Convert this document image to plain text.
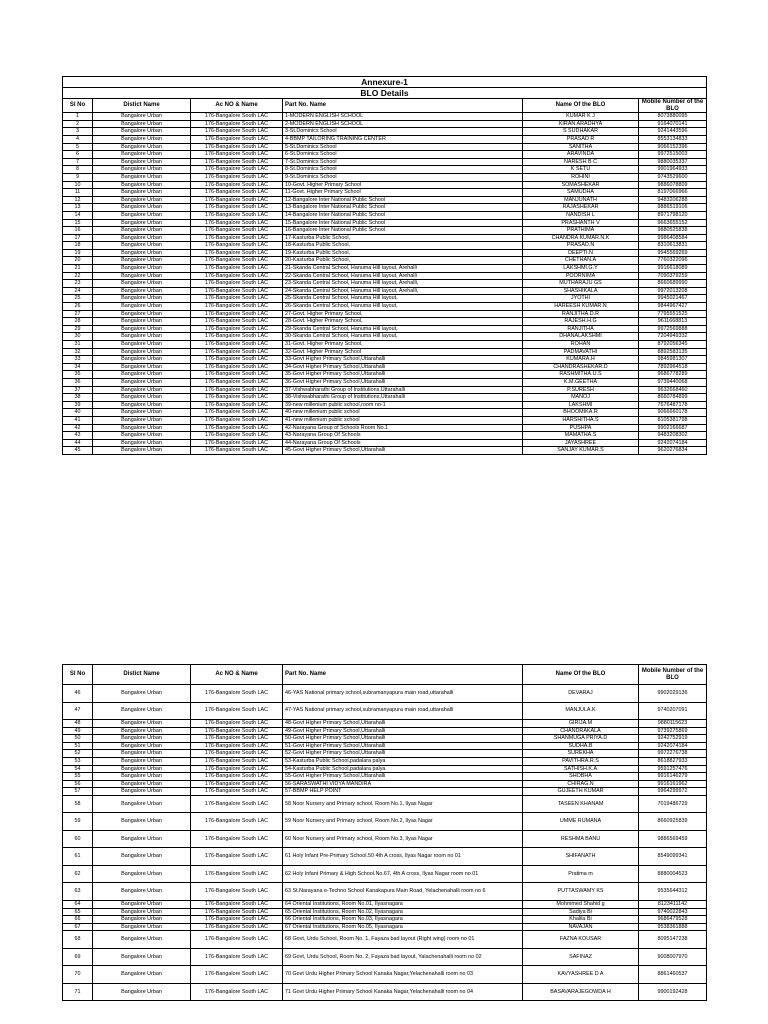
Annexure-1					
BLO Details					
Sl No	Distict Name	Ac NO & Name	Part No. Name	Name Of the BLO	Mobile Number of the BLO
1	Bangalore Urban	176-Bangalore South LAC	1-MODERN ENGLISH SCHOOL	KUMAR K J	8073880095
2	Bangalore Urban	176-Bangalore South LAC	2-MODERN ENGLISH SCHOOL	KIRAN ARADHYA	9164070141
3	Bangalore Urban	176-Bangalore South LAC	3-St.Dominics School	S SUDHAKAR	9241443596
4	Bangalore Urban	176-Bangalore South LAC	4-BBMP TAILORING TRAINING CENTER	PRASAD R	8553134833
5	Bangalore Urban	176-Bangalore South LAC	5-St.Dominics School	SANITHA	9066152396
6	Bangalore Urban	176-Bangalore South LAC	6-St.Dominics School	ARAVINDA	9972515003
7	Bangalore Urban	176-Bangalore South LAC	7-St.Dominics School	NARESH B C	9880035337
8	Bangalore Urban	176-Bangalore South LAC	8-St.Dominics School	K SETU	9901964933
9	Bangalore Urban	176-Bangalore South LAC	9-St.Dominics School	ROHINI	9743529600
10	Bangalore Urban	176-Bangalore South LAC	10-Govt. Higher Primary School	SOMASHEKAR	9886078809
11	Bangalore Urban	176-Bangalore South LAC	11-Govt. Higher Primary School	SAMUDHA	8197066966
12	Bangalore Urban	176-Bangalore South LAC	12-Bangalore Inter National Public School	MANJUNATH	9483206288
13	Bangalore Urban	176-Bangalore South LAC	13-Bangalore Inter National Public School	RAJASHEKAR	9886519106
14	Bangalore Urban	176-Bangalore South LAC	14-Bangalore Inter National Public School	NANDISH L	8971798120
15	Bangalore Urban	176-Bangalore South LAC	15-Bangalore Inter National Public School	PRASHANTH V	9663655152
16	Bangalore Urban	176-Bangalore South LAC	16-Bangalore Inter National Public School	PRATHIMA	9880525838
17	Bangalore Urban	176-Bangalore South LAC	17-Kasturba Public School,	CHANDRA KUMAR.N.K	9986408584
18	Bangalore Urban	176-Bangalore South LAC	18-Kasturba Public School,	PRASAD.N	8310613831
19	Bangalore Urban	176-Bangalore South LAC	19-Kasturba Public School,	DEEPTI.N	9945569269
20	Bangalore Urban	176-Bangalore South LAC	20-Kasturba Public School,	CHETHAN.A	7760322096
21	Bangalore Urban	176-Bangalore South LAC	21-Skanda Central School, Hanuma Hill layout, Arehalli	LAKSHMI.G.Y	9916618089
22	Bangalore Urban	176-Bangalore South LAC	22-Skanda Central School, Hanuma Hill layout, Arehalli	POORNIMA	7090379259
23	Bangalore Urban	176-Bangalore South LAC	23-Skanda Central School, Hanuma Hill layout, Arehalli,	MUTHARAJU GS	8660689990
24	Bangalore Urban	176-Bangalore South LAC	24-Skanda Central School, Hanuma Hill layout, Arehalli,	SHASHIKALA	9972013208
25	Bangalore Urban	176-Bangalore South LAC	25-Skanda Central School, Hanuma Hill layout,	JYOTHI	9945021467
26	Bangalore Urban	176-Bangalore South LAC	26-Skanda Central School, Hanuma Hill layout,	HAREESH KUMAR.N	9844967427
27	Bangalore Urban	176-Bangalore South LAC	27-Govt. Higher Primary School,	RANJITHA.D.R	7795551525
28	Bangalore Urban	176-Bangalore South LAC	28-Govt. Higher Primary School,	RAJESH.H.G	9611668813
29	Bangalore Urban	176-Bangalore South LAC	29-Skanda Central School, Hanuma Hill layout,	RANJITHA	9972569888
30	Bangalore Urban	176-Bangalore South LAC	30-Skanda Central School, Hanuma Hill layout,	DHANALAKSHMI	7204949332
31	Bangalore Urban	176-Bangalore South LAC	31-Govt. Higher Primary School,	ROHAN	8792056345
32	Bangalore Urban	176-Bangalore South LAC	32-Govt. Higher Primary School	PADMAVATHI	8892583135
33	Bangalore Urban	176-Bangalore South LAC	33-Govt Higher Primary School,Uttarahalli	KUMARA.H	9845981307
34	Bangalore Urban	176-Bangalore South LAC	34-Govt Higher Primary School,Uttarahalli	CHANDRASHEKAR.D	7892964518
35	Bangalore Urban	176-Bangalore South LAC	35-Govt Higher Primary School,Uttarahalli	RASHMITHA.U.S	9686778289
36	Bangalore Urban	176-Bangalore South LAC	36-Govt Higher Primary School,Uttarahalli	K.M.GEETHA	9739440068
37	Bangalore Urban	176-Bangalore South LAC	37-Vishwabharathi Group of Institutions,Uttarahalli	P.SURESH	9632668460
38	Bangalore Urban	176-Bangalore South LAC	38-Vishwabharathi Group of Institutions,Uttarahalli	MANOJ	8660784899
39	Bangalore Urban	176-Bangalore South LAC	39-new millenium public school,room no-1	LAKSHMI	7676487178
40	Bangalore Urban	176-Bangalore South LAC	40-new millenium public school	BHOOMIKA.R	9066660178
41	Bangalore Urban	176-Bangalore South LAC	41-new millenium public school	HARSHITHA.S	8105381798
42	Bangalore Urban	176-Bangalore South LAC	42-Narayana Group of Schools Room No.1	PUSHPA	9902166687
43	Bangalore Urban	176-Bangalore South LAC	43-Narayana Group Of Schools	MAMATHA.S	9483208302
44	Bangalore Urban	176-Bangalore South LAC	44-Narayana Group Of Schools	JAYASHREE	9242074184
45	Bangalore Urban	176-Bangalore South LAC	45-Govt Higher Primary School,Uttarahalli	SANJAY KUMAR.S	9620276834
Sl No	Distict Name	Ac NO & Name	Part No. Name	Name Of the BLO	Mobile Number of the BLO
46	Bangalore Urban	176-Bangalore South LAC	46-YAS National primary school,subramanyapura main road,uttarahalli	DEVARAJ	9902029136
47	Bangalore Urban	176-Bangalore South LAC	47-YAS National primary school,subramanyapura main road,uttarahalli	MANJULA.K	9740207091
48	Bangalore Urban	176-Bangalore South LAC	48-Govt Higher Primary School,Uttarahalli	GIRIJA.M	9880115623
49	Bangalore Urban	176-Bangalore South LAC	49-Govt Higher Primary School,Uttarahalli	CHANDRAKALA	9739275869
50	Bangalore Urban	176-Bangalore South LAC	50-Govt Higher Primary School,Uttarahalli	SHANMUGA PRIYA.D	9242752919
51	Bangalore Urban	176-Bangalore South LAC	51-Govt Higher Primary School,Uttarahalli	SUDHA.B	9242074184
52	Bangalore Urban	176-Bangalore South LAC	52-Govt Higher Primary School,Uttarahalli	SUREKHA	9972276738
53	Bangalore Urban	176-Bangalore South LAC	53-Kasturba Public School,padalara palya	PAVITHRA.R.S	8618827933
54	Bangalore Urban	176-Bangalore South LAC	54-Kasturba Public School,padalara palya	SATHISH.K.A	9591257476
55	Bangalore Urban	176-Bangalore South LAC	55-Govt Higher Primary School,Uttarahalli	SHOBHA	9916146279
56	Bangalore Urban	176-Bangalore South LAC	56-SARASWATHI VIDYA MANDIRA	CHIRAG.N	9916161962
57	Bangalore Urban	176-Bangalore South LAC	57-BBMP HELP POINT	GUJEETH KUMAR	9964299972
58	Bangalore Urban	176-Bangalore South LAC	58 Noor Nursery and Primary school, Room No.1, Ilyas Nagar	TASEEN KHANAM	7019486729
59	Bangalore Urban	176-Bangalore South LAC	59 Noor Nursery and Primary school, Room No.2, Ilyas Nagar	UMME RUMANA	8660925839
60	Bangalore Urban	176-Bangalore South LAC	60 Noor Nursery and Primary school, Room No.3, Ilyas Nagar	RESHMA BANU	9886569459
61	Bangalore Urban	176-Bangalore South LAC	61 Holy Infant Pre-Primary School.50 4th A cross, Ilyas Nagar room no 01	SHIFANATH	8549099341
62	Bangalore Urban	176-Bangalore South LAC	62 Holy Infant Primary & High School.No.67, 4th A cross, Ilyas Nagar room no 01	Pratima m	8880004523
63	Bangalore Urban	176-Bangalore South LAC	63 St.Narayana e-Techno School Kanakapura Main Road, Yelachenahalli room no 6	PUTTASWAMY KS	9535644312
64	Bangalore Urban	176-Bangalore South LAC	64 Oriental Institutions, Room No.01, Ilyasnagara	Mohmmed Shahid g	8123411142
65	Bangalore Urban	176-Bangalore South LAC	65 Oriental Institutions, Room No.02, Ilyasnagara	Sadiya Bi	9740022843
66	Bangalore Urban	176-Bangalore South LAC	66 Oriental Institutions, Room No.03, Ilyasnagara	Khalila Bi	9686479528
67	Bangalore Urban	176-Bangalore South LAC	67 Oriental Institutions, Room No.05, Ilyasnagara	NAVAJAN	9538361888
68	Bangalore Urban	176-Bangalore South LAC	68 Govt, Urdu School, Room No. 1, Fayaza bad layout (Right wing) room no 01	FAZNA KOUSAR	8095147238
69	Bangalore Urban	176-Bangalore South LAC	69 Govt, Urdu School, Room No. 2, Fayaza bad layout, Yalachenahalli room no 02	SAFINAZ	9008007970
70	Bangalore Urban	176-Bangalore South LAC	70 Govt Urdu Higher Primary School Kanaka Nagar,Yelachenahalli room no 03	KAVYASHREE D A	8861460537
71	Bangalore Urban	176-Bangalore South LAC	71 Govt Urdu Higher Primary School Kanaka Nagar,Yelachenahalli room no 04	BASAVARAJEGOWDA H	9900192428
